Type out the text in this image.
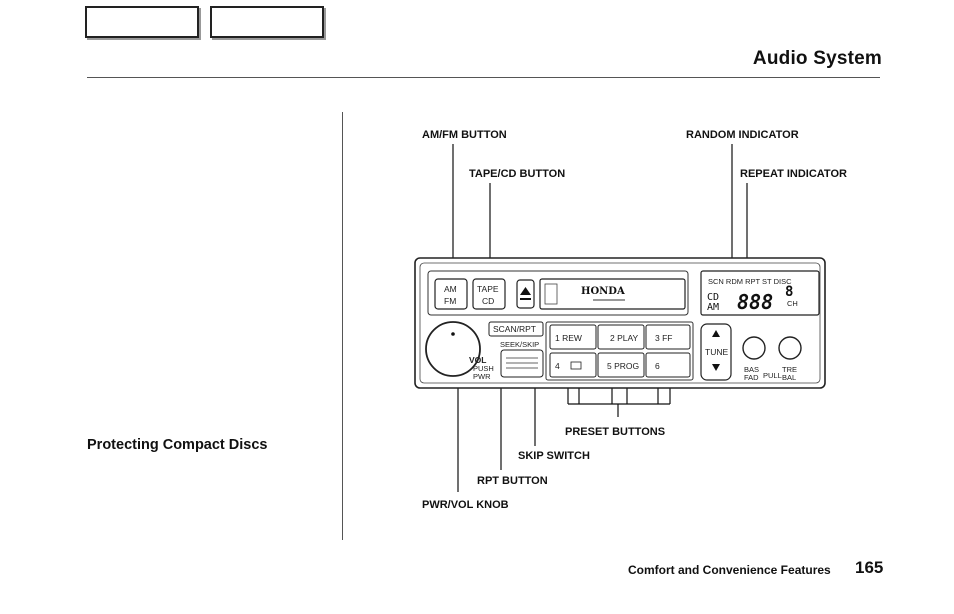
Audio System
Protecting Compact Discs
AM/FM BUTTON
TAPE/CD BUTTON
RANDOM INDICATOR
REPEAT INDICATOR
PRESET BUTTONS
SKIP SWITCH
RPT BUTTON
PWR/VOL KNOB
AM
FM
TAPE
CD
HONDA
SCN RDM RPT ST DISC
CD
AM 888 8
CH
VOL
PUSH
PWR
SCAN/RPT
SEEK/SKIP
1 REW	2 PLAY 3 FF
4	5 PROG 6
TUNE
BAS
FAD PULL
TRE
BAL
Comfort and Convenience Features 165
